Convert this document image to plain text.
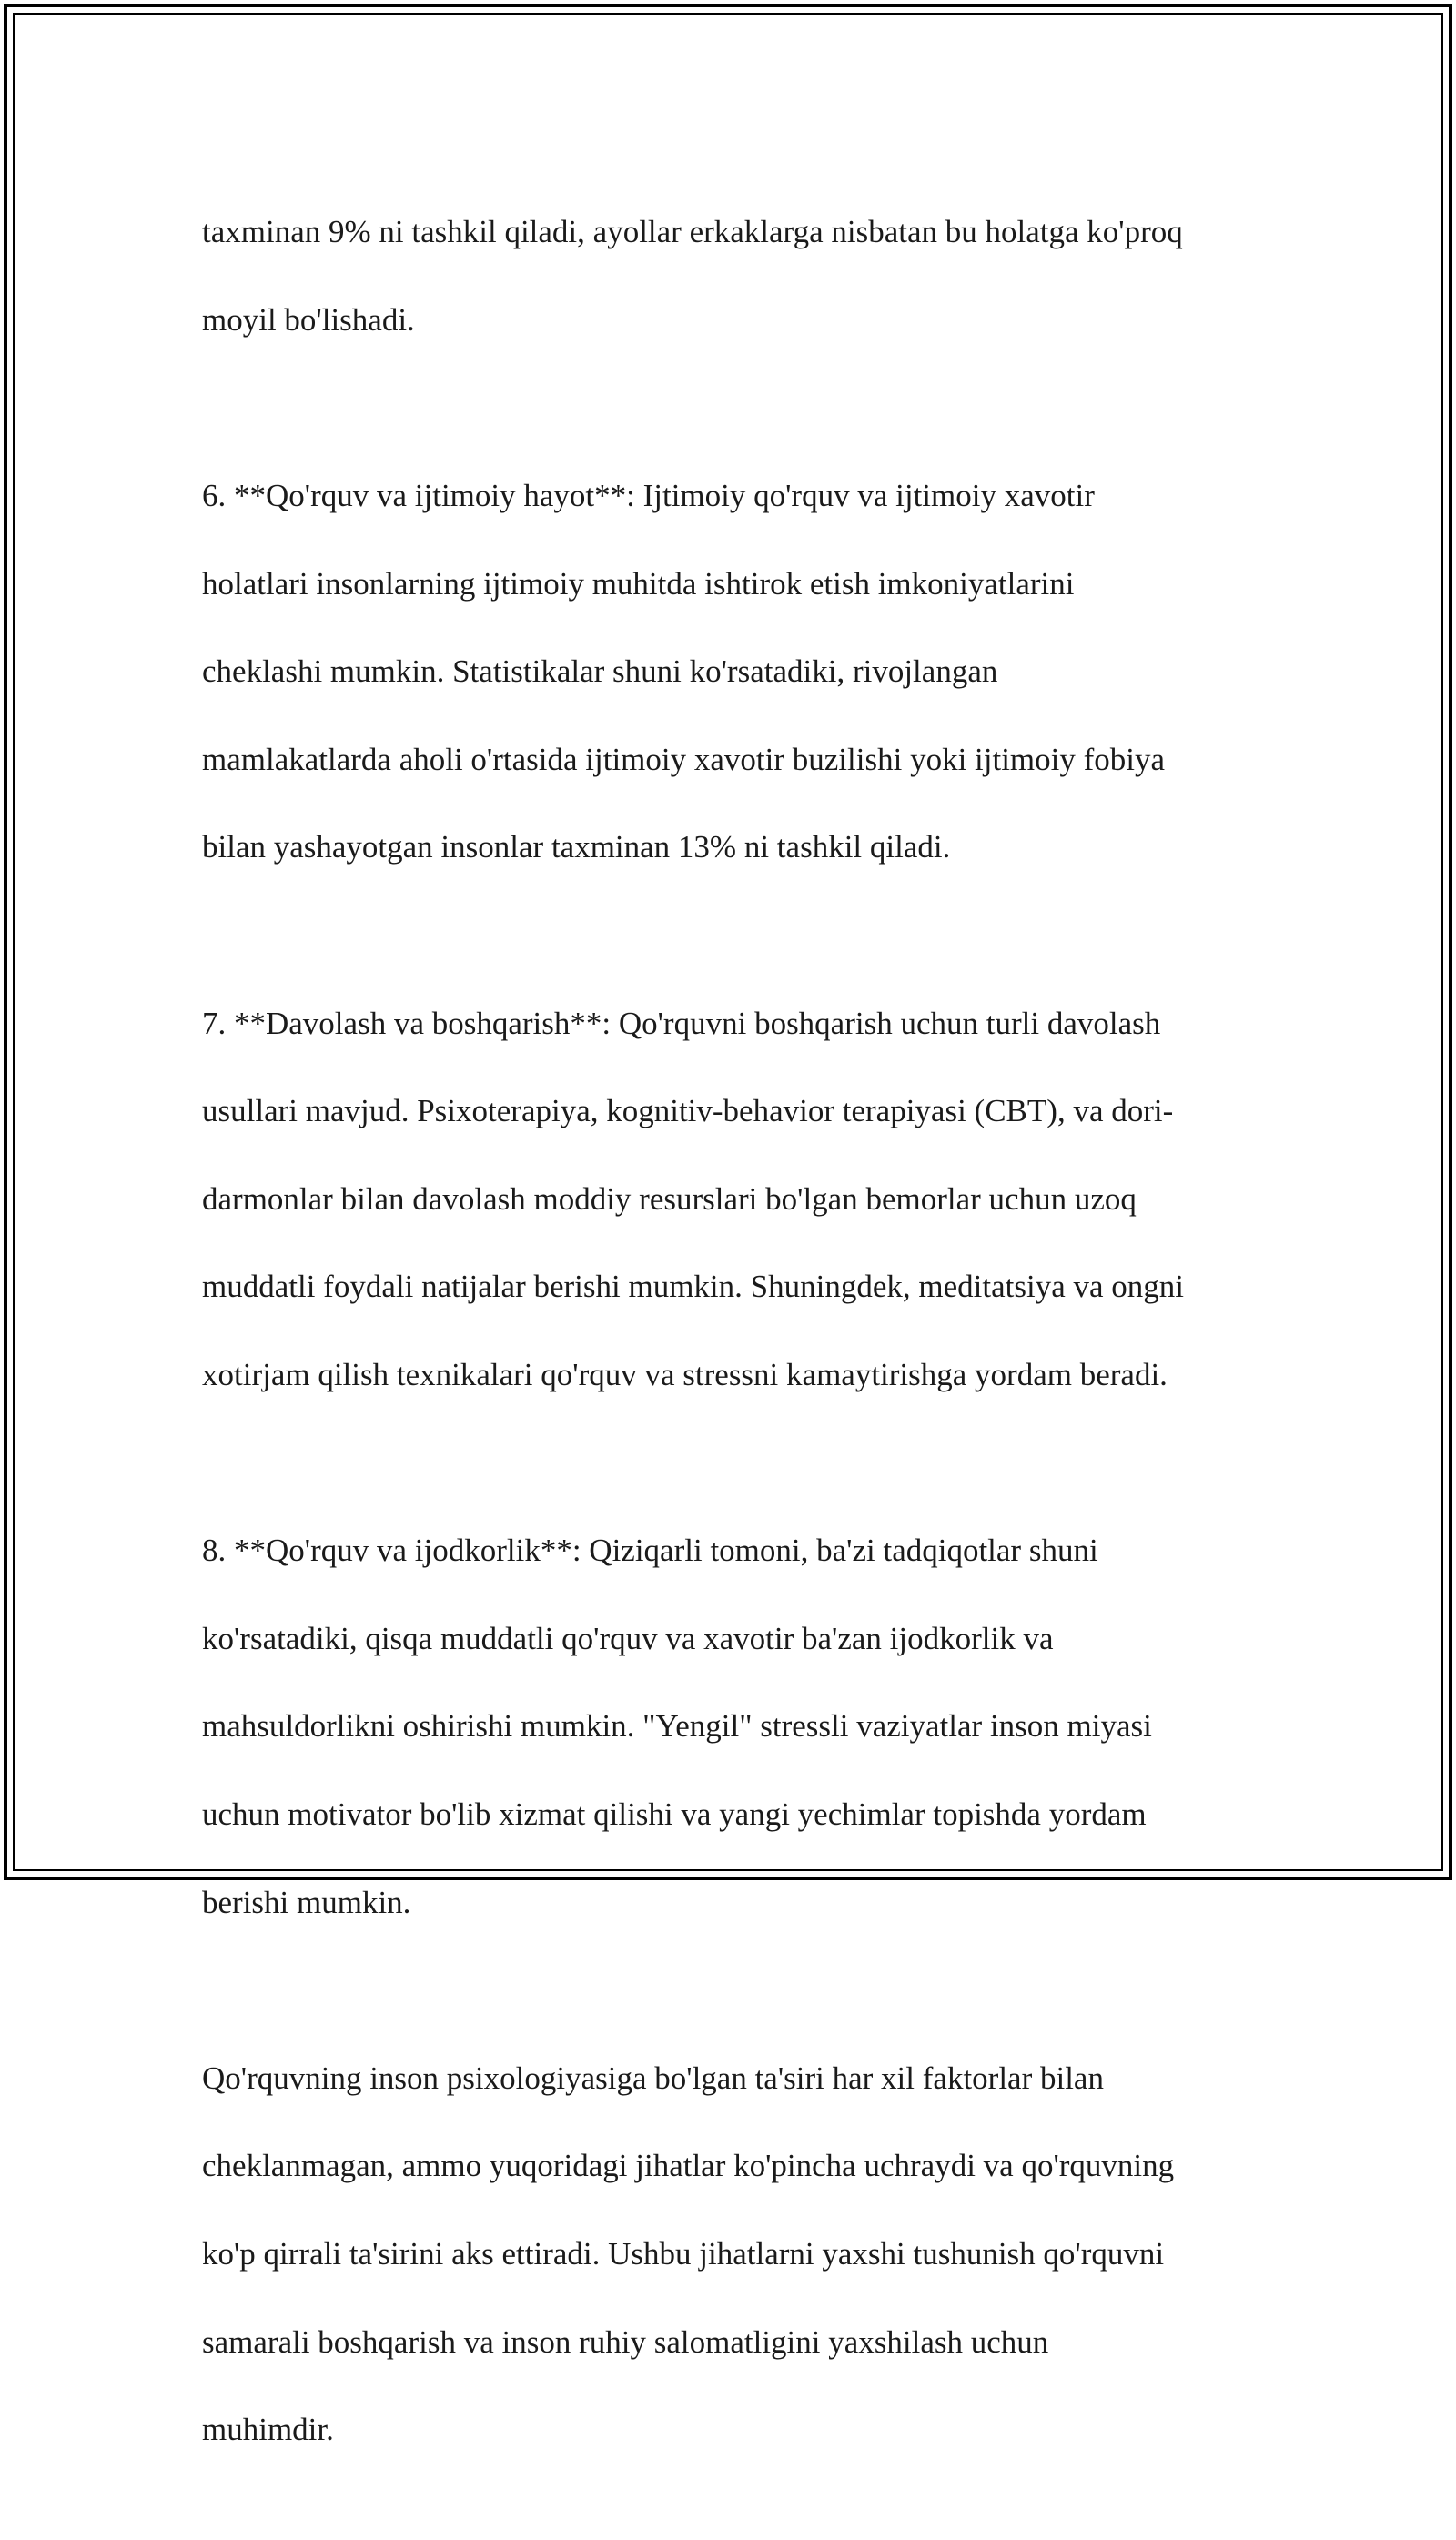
taxminan 9% ni tashkil qiladi, ayollar erkaklarga nisbatan bu holatga ko'proq

moyil bo'lishadi.

6. **Qo'rquv va ijtimoiy hayot**: Ijtimoiy qo'rquv va ijtimoiy xavotir

holatlari insonlarning ijtimoiy muhitda ishtirok etish imkoniyatlarini

cheklashi mumkin. Statistikalar shuni ko'rsatadiki, rivojlangan

mamlakatlarda aholi o'rtasida ijtimoiy xavotir buzilishi yoki ijtimoiy fobiya

bilan yashayotgan insonlar taxminan 13% ni tashkil qiladi.

7. **Davolash va boshqarish**: Qo'rquvni boshqarish uchun turli davolash

usullari mavjud. Psixoterapiya, kognitiv-behavior terapiyasi (CBT), va dori-

darmonlar bilan davolash moddiy resurslari bo'lgan bemorlar uchun uzoq

muddatli foydali natijalar berishi mumkin. Shuningdek, meditatsiya va ongni

xotirjam qilish texnikalari qo'rquv va stressni kamaytirishga yordam beradi.

8. **Qo'rquv va ijodkorlik**: Qiziqarli tomoni, ba'zi tadqiqotlar shuni

ko'rsatadiki, qisqa muddatli qo'rquv va xavotir ba'zan ijodkorlik va

mahsuldorlikni oshirishi mumkin. "Yengil" stressli vaziyatlar inson miyasi

uchun motivator bo'lib xizmat qilishi va yangi yechimlar topishda yordam

berishi mumkin.

Qo'rquvning inson psixologiyasiga bo'lgan ta'siri har xil faktorlar bilan

cheklanmagan, ammo yuqoridagi jihatlar ko'pincha uchraydi va qo'rquvning

ko'p qirrali ta'sirini aks ettiradi. Ushbu jihatlarni yaxshi tushunish qo'rquvni

samarali boshqarish va inson ruhiy salomatligini yaxshilash uchun

muhimdir.
